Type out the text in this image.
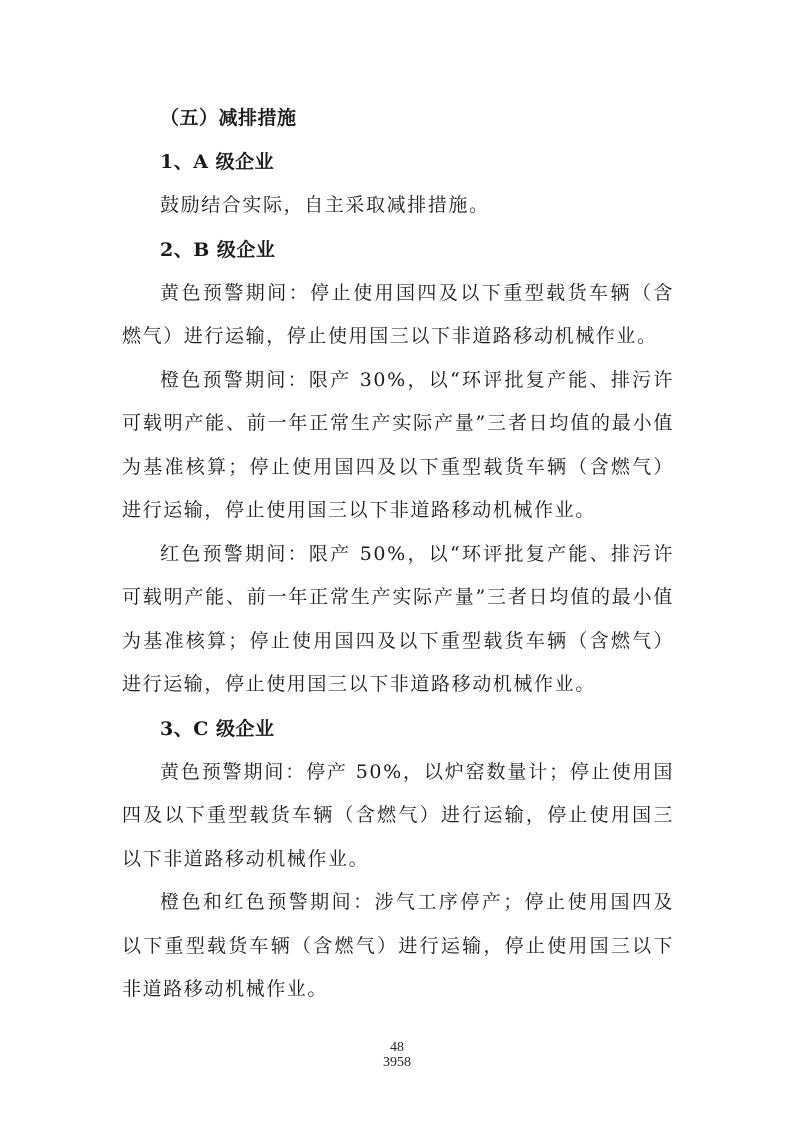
（五）减排措施
1、A 级企业

鼓励结合实际，自主采取减排措施。

2、B 级企业

黄色预警期间：停止使用国四及以下重型载货车辆（含燃气）进行运输，停止使用国三以下非道路移动机械作业。

橙色预警期间：限产 30%，以“环评批复产能、排污许可载明产能、前一年正常生产实际产量”三者日均值的最小值为基准核算；停止使用国四及以下重型载货车辆（含燃气）进行运输，停止使用国三以下非道路移动机械作业。

红色预警期间：限产 50%，以“环评批复产能、排污许可载明产能、前一年正常生产实际产量”三者日均值的最小值为基准核算；停止使用国四及以下重型载货车辆（含燃气）进行运输，停止使用国三以下非道路移动机械作业。

3、C 级企业

黄色预警期间：停产 50%，以炉窑数量计；停止使用国四及以下重型载货车辆（含燃气）进行运输，停止使用国三以下非道路移动机械作业。

橙色和红色预警期间：涉气工序停产；停止使用国四及以下重型载货车辆（含燃气）进行运输，停止使用国三以下非道路移动机械作业。

48
3958
